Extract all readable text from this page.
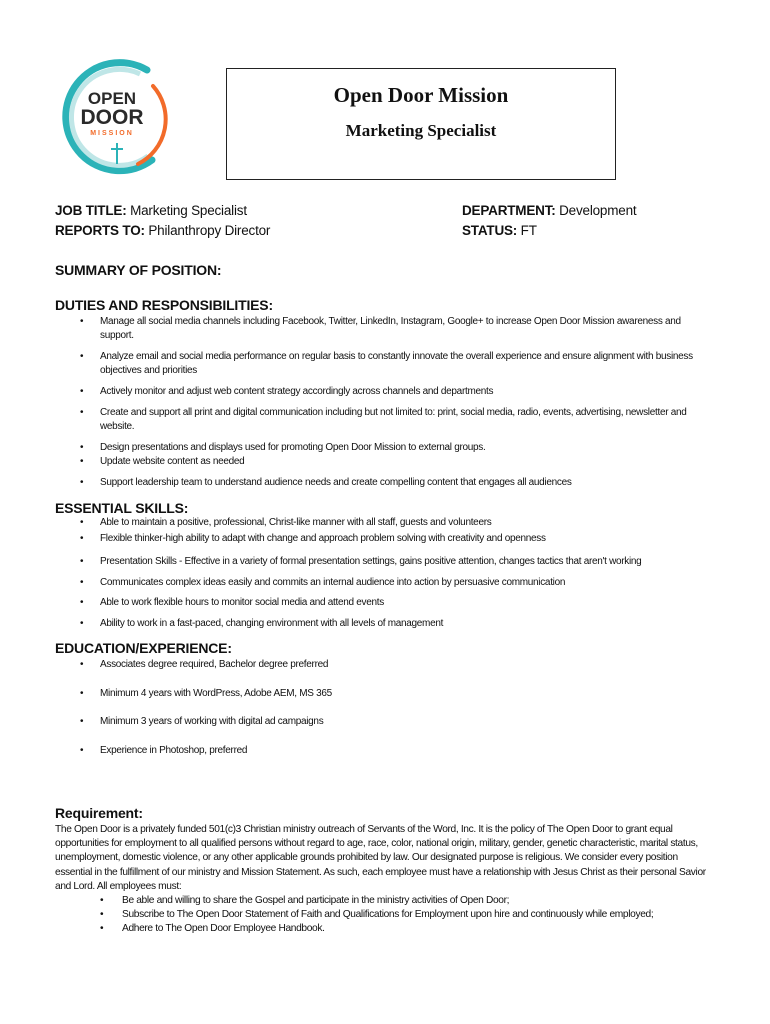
OPEN
DOOR
MISSION
Open Door Mission
Marketing Specialist
JOB TITLE: Marketing Specialist
REPORTS TO: Philanthropy Director
DEPARTMENT: Development
STATUS: FT
SUMMARY OF POSITION:
DUTIES AND RESPONSIBILITIES:
• Manage all social media channels including Facebook, Twitter, LinkedIn, Instagram, Google+ to increase Open Door Mission awareness and support.
• Analyze email and social media performance on regular basis to constantly innovate the overall experience and ensure alignment with business objectives and priorities
• Actively monitor and adjust web content strategy accordingly across channels and departments
• Create and support all print and digital communication including but not limited to: print, social media, radio, events, advertising, newsletter and website.
• Design presentations and displays used for promoting Open Door Mission to external groups.
• Update website content as needed
• Support leadership team to understand audience needs and create compelling content that engages all audiences
ESSENTIAL SKILLS:
• Able to maintain a positive, professional, Christ-like manner with all staff, guests and volunteers
• Flexible thinker-high ability to adapt with change and approach problem solving with creativity and openness
• Presentation Skills - Effective in a variety of formal presentation settings, gains positive attention, changes tactics that aren't working
• Communicates complex ideas easily and commits an internal audience into action by persuasive communication
• Able to work flexible hours to monitor social media and attend events
• Ability to work in a fast-paced, changing environment with all levels of management
EDUCATION/EXPERIENCE:
• Associates degree required, Bachelor degree preferred
• Minimum 4 years with WordPress, Adobe AEM, MS 365
• Minimum 3 years of working with digital ad campaigns
• Experience in Photoshop, preferred
Requirement:
The Open Door is a privately funded 501(c)3 Christian ministry outreach of Servants of the Word, Inc. It is the policy of The Open Door to grant equal opportunities for employment to all qualified persons without regard to age, race, color, national origin, military, gender, genetic characteristic, marital status, unemployment, domestic violence, or any other applicable grounds prohibited by law. Our designated purpose is religious. We consider every position essential in the fulfillment of our ministry and Mission Statement. As such, each employee must have a relationship with Jesus Christ as their personal Savior and Lord. All employees must:
• Be able and willing to share the Gospel and participate in the ministry activities of Open Door;
• Subscribe to The Open Door Statement of Faith and Qualifications for Employment upon hire and continuously while employed;
• Adhere to The Open Door Employee Handbook.
